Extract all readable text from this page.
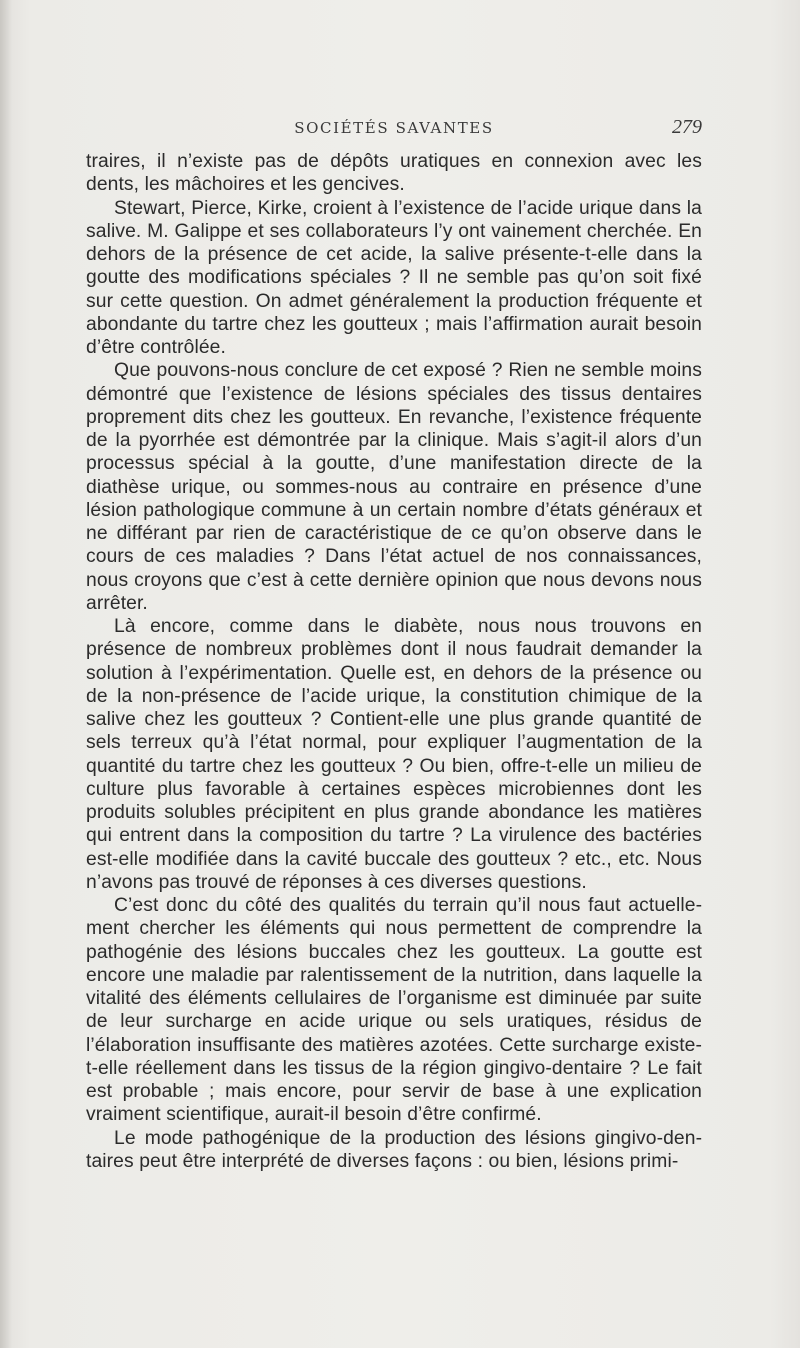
SOCIÉTÉS SAVANTES	279

traires, il n’existe pas de dépôts uratiques en connexion avec les dents, les mâchoires et les gencives.

Stewart, Pierce, Kirke, croient à l’existence de l’acide urique dans la salive. M. Galippe et ses collaborateurs l’y ont vainement cherchée. En dehors de la présence de cet acide, la salive présente-t-elle dans la goutte des modifications spéciales ? Il ne semble pas qu’on soit fixé sur cette question. On admet généralement la production fréquente et abondante du tartre chez les goutteux ; mais l’affirmation aurait besoin d’être contrôlée.

Que pouvons-nous conclure de cet exposé ? Rien ne semble moins démontré que l’existence de lésions spéciales des tissus dentaires proprement dits chez les goutteux. En revanche, l’existence fréquente de la pyorrhée est démontrée par la clinique. Mais s’agit-il alors d’un processus spécial à la goutte, d’une manifestation directe de la diathèse urique, ou sommes-nous au contraire en présence d’une lésion pathologique commune à un certain nombre d’états généraux et ne différant par rien de caractéristique de ce qu’on observe dans le cours de ces maladies ? Dans l’état actuel de nos connaissances, nous croyons que c’est à cette dernière opinion que nous devons nous arrêter.

Là encore, comme dans le diabète, nous nous trouvons en présence de nombreux problèmes dont il nous faudrait demander la solution à l’expérimentation. Quelle est, en dehors de la présence ou de la non-présence de l’acide urique, la constitution chimique de la salive chez les goutteux ? Contient-elle une plus grande quantité de sels terreux qu’à l’état normal, pour expliquer l’augmentation de la quantité du tartre chez les goutteux ? Ou bien, offre-t-elle un milieu de culture plus favorable à certaines espèces microbiennes dont les produits solubles précipitent en plus grande abondance les matières qui entrent dans la composition du tartre ? La virulence des bactéries est-elle modifiée dans la cavité buccale des goutteux ? etc., etc. Nous n’avons pas trouvé de réponses à ces diverses questions.

C’est donc du côté des qualités du terrain qu’il nous faut actuellement chercher les éléments qui nous permettent de comprendre la pathogénie des lésions buccales chez les goutteux. La goutte est encore une maladie par ralentissement de la nutrition, dans laquelle la vitalité des éléments cellulaires de l’organisme est diminuée par suite de leur surcharge en acide urique ou sels uratiques, résidus de l’élaboration insuffisante des matières azotées. Cette surcharge existe-t-elle réellement dans les tissus de la région gingivo-dentaire ? Le fait est probable ; mais encore, pour servir de base à une explication vraiment scientifique, aurait-il besoin d’être confirmé.

Le mode pathogénique de la production des lésions gingivo-dentaires peut être interprété de diverses façons : ou bien, lésions primi-
